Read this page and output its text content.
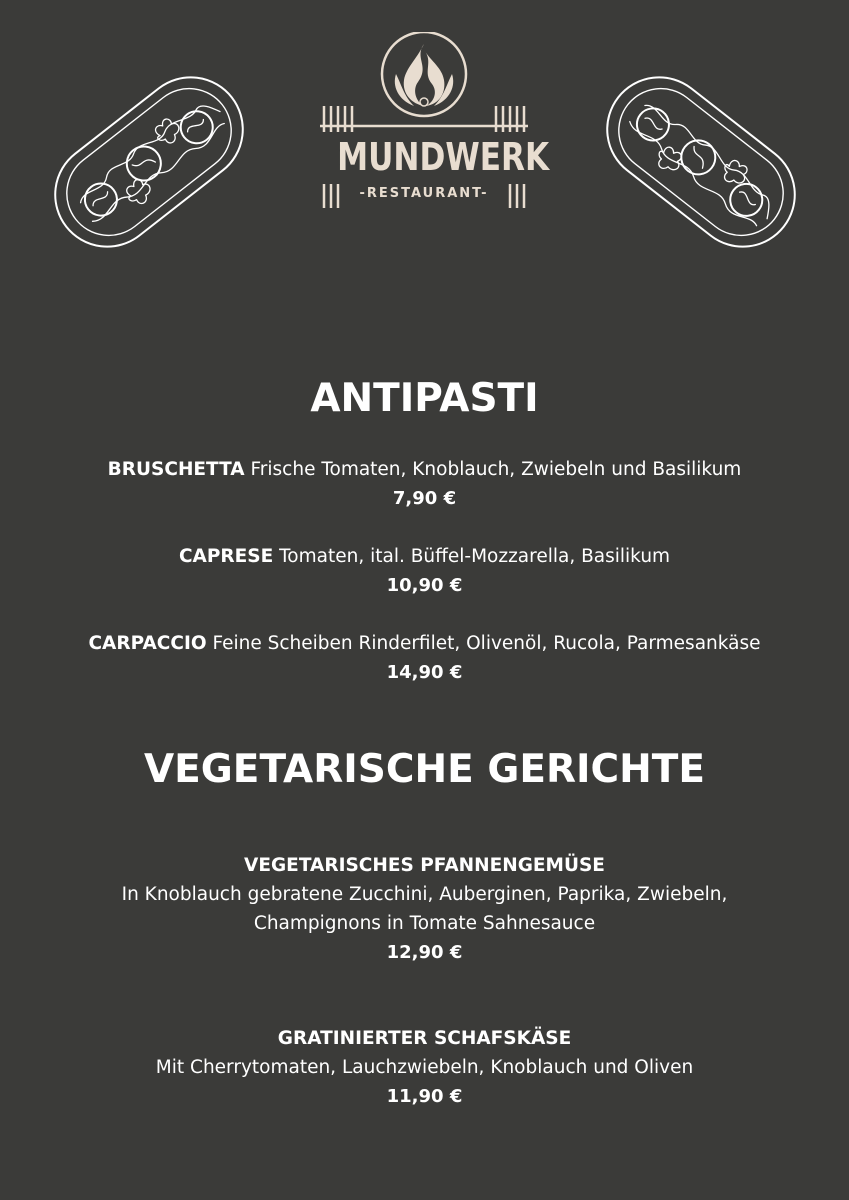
MUNDWERK
-RESTAURANT-
ANTIPASTI
BRUSCHETTA Frische Tomaten, Knoblauch, Zwiebeln und Basilikum
7,90 €
CAPRESE Tomaten, ital. Büffel-Mozzarella, Basilikum
10,90 €
CARPACCIO Feine Scheiben Rinderfilet, Olivenöl, Rucola, Parmesankäse
14,90 €
VEGETARISCHE GERICHTE
VEGETARISCHES PFANNENGEMÜSE
In Knoblauch gebratene Zucchini, Auberginen, Paprika, Zwiebeln,
Champignons in Tomate Sahnesauce
12,90 €
GRATINIERTER SCHAFSKÄSE
Mit Cherrytomaten, Lauchzwiebeln, Knoblauch und Oliven
11,90 €
